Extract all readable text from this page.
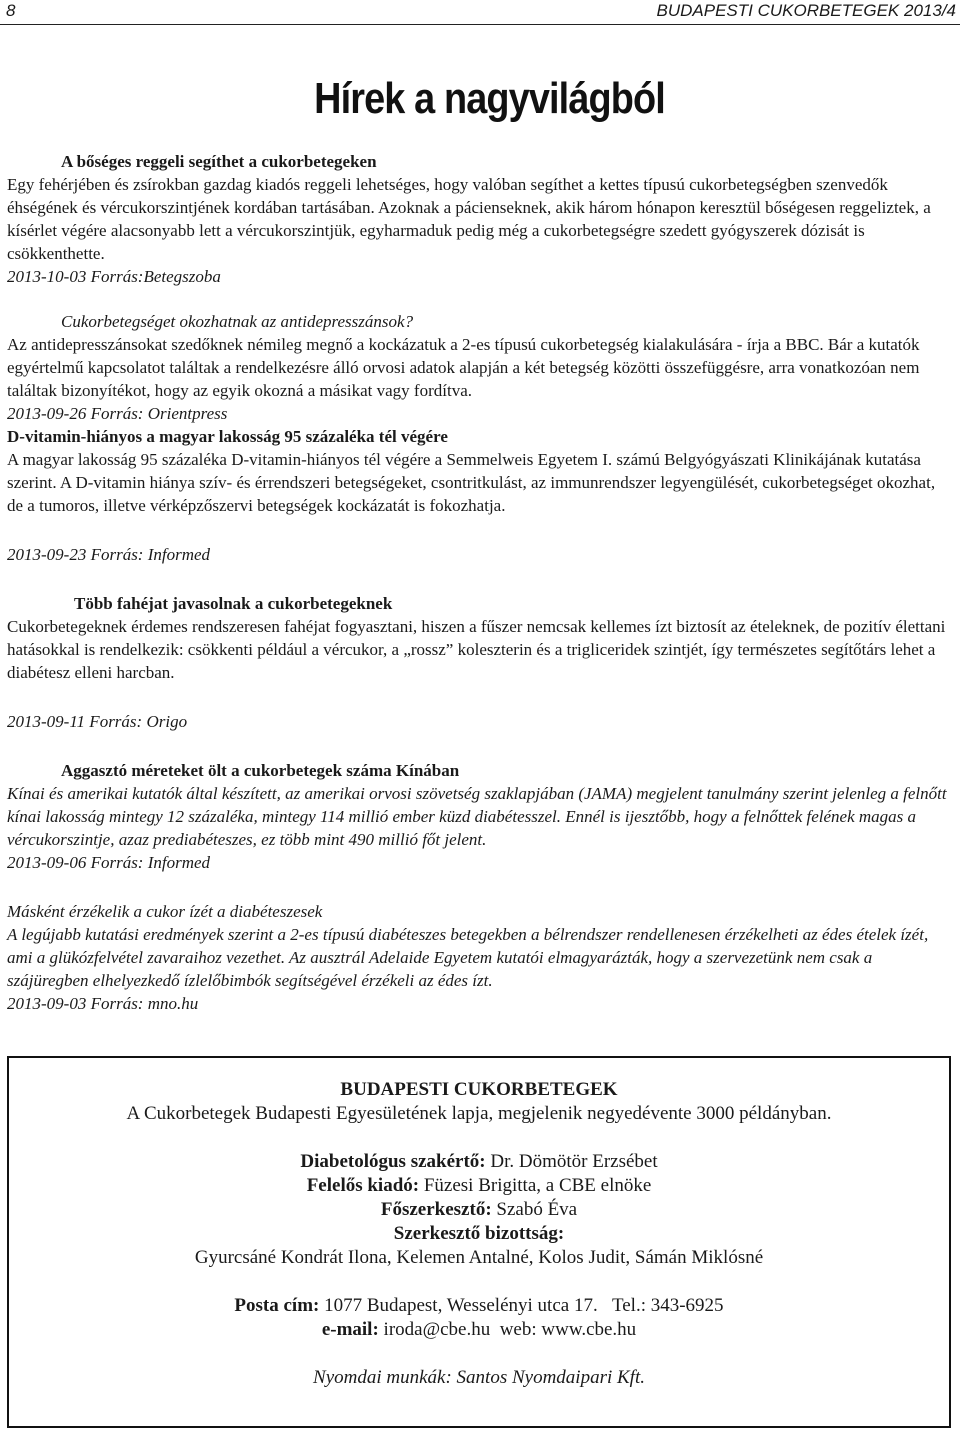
8	BUDAPESTI CUKORBETEGEK 2013/4
Hírek a nagyvilágból

A bőséges reggeli segíthet a cukorbetegeken

Egy fehérjében és zsírokban gazdag kiadós reggeli lehetséges, hogy valóban segíthet a kettes típusú cukorbetegségben szenvedők éhségének és vércukorszintjének kordában tartásában. Azoknak a pácienseknek, akik három hónapon keresztül bőségesen reggeliztek, a kísérlet végére alacsonyabb lett a vércukorszintjük, egyharmaduk pedig még a cukorbetegségre szedett gyógyszerek dózisát is csökkenthette.

2013-10-03 Forrás:Betegszoba

Cukorbetegséget okozhatnak az antidepresszánsok?

Az antidepresszánsokat szedőknek némileg megnő a kockázatuk a 2-es típusú cukorbetegség kialakulására - írja a BBC. Bár a kutatók egyértelmű kapcsolatot találtak a rendelkezésre álló orvosi adatok alapján a két betegség közötti összefüggésre, arra vonatkozóan nem találtak bizonyítékot, hogy az egyik okozná a másikat vagy fordítva.

2013-09-26 Forrás: Orientpress

D-vitamin-hiányos a magyar lakosság 95 százaléka tél végére

A magyar lakosság 95 százaléka D-vitamin-hiányos tél végére a Semmelweis Egyetem I. számú Belgyógyászati Klinikájának kutatása szerint. A D-vitamin hiánya szív- és érrendszeri betegségeket, csontritkulást, az immunrendszer legyengülését, cukorbetegséget okozhat, de a tumoros, illetve vérképzőszervi betegségek kockázatát is fokozhatja.

2013-09-23 Forrás: Informed

Több fahéjat javasolnak a cukorbetegeknek

Cukorbetegeknek érdemes rendszeresen fahéjat fogyasztani, hiszen a fűszer nemcsak kellemes ízt biztosít az ételeknek, de pozitív élettani hatásokkal is rendelkezik: csökkenti például a vércukor, a „rossz” koleszterin és a trigliceridek szintjét, így természetes segítőtárs lehet a diabétesz elleni harcban.

2013-09-11 Forrás: Origo

Aggasztó méreteket ölt a cukorbetegek száma Kínában

Kínai és amerikai kutatók által készített, az amerikai orvosi szövetség szaklapjában (JAMA) megjelent tanulmány szerint jelenleg a felnőtt kínai lakosság mintegy 12 százaléka, mintegy 114 millió ember küzd diabétesszel. Ennél is ijesztőbb, hogy a felnőttek felének magas a vércukorszintje, azaz prediabéteszes, ez több mint 490 millió főt jelent.

2013-09-06 Forrás: Informed

Másként érzékelik a cukor ízét a diabéteszesek

A legújabb kutatási eredmények szerint a 2-es típusú diabéteszes betegekben a bélrendszer rendellenesen érzékelheti az édes ételek ízét, ami a glükózfelvétel zavaraihoz vezethet. Az ausztrál Adelaide Egyetem kutatói elmagyarázták, hogy a szervezetünk nem csak a szájüregben elhelyezkedő ízlelőbimbók segítségével érzékeli az édes ízt.

2013-09-03 Forrás: mno.hu

BUDAPESTI CUKORBETEGEK
A Cukorbetegek Budapesti Egyesületének lapja, megjelenik negyedévente 3000 példányban.
Diabetológus szakértő: Dr. Dömötör Erzsébet
Felelős kiadó: Füzesi Brigitta, a CBE elnöke
Főszerkesztő: Szabó Éva
Szerkesztő bizottság:
Gyurcsáné Kondrát Ilona, Kelemen Antalné, Kolos Judit, Sámán Miklósné
Posta cím: 1077 Budapest, Wesselényi utca 17. Tel.: 343-6925
e-mail: iroda@cbe.hu web: www.cbe.hu
Nyomdai munkák: Santos Nyomdaipari Kft.
